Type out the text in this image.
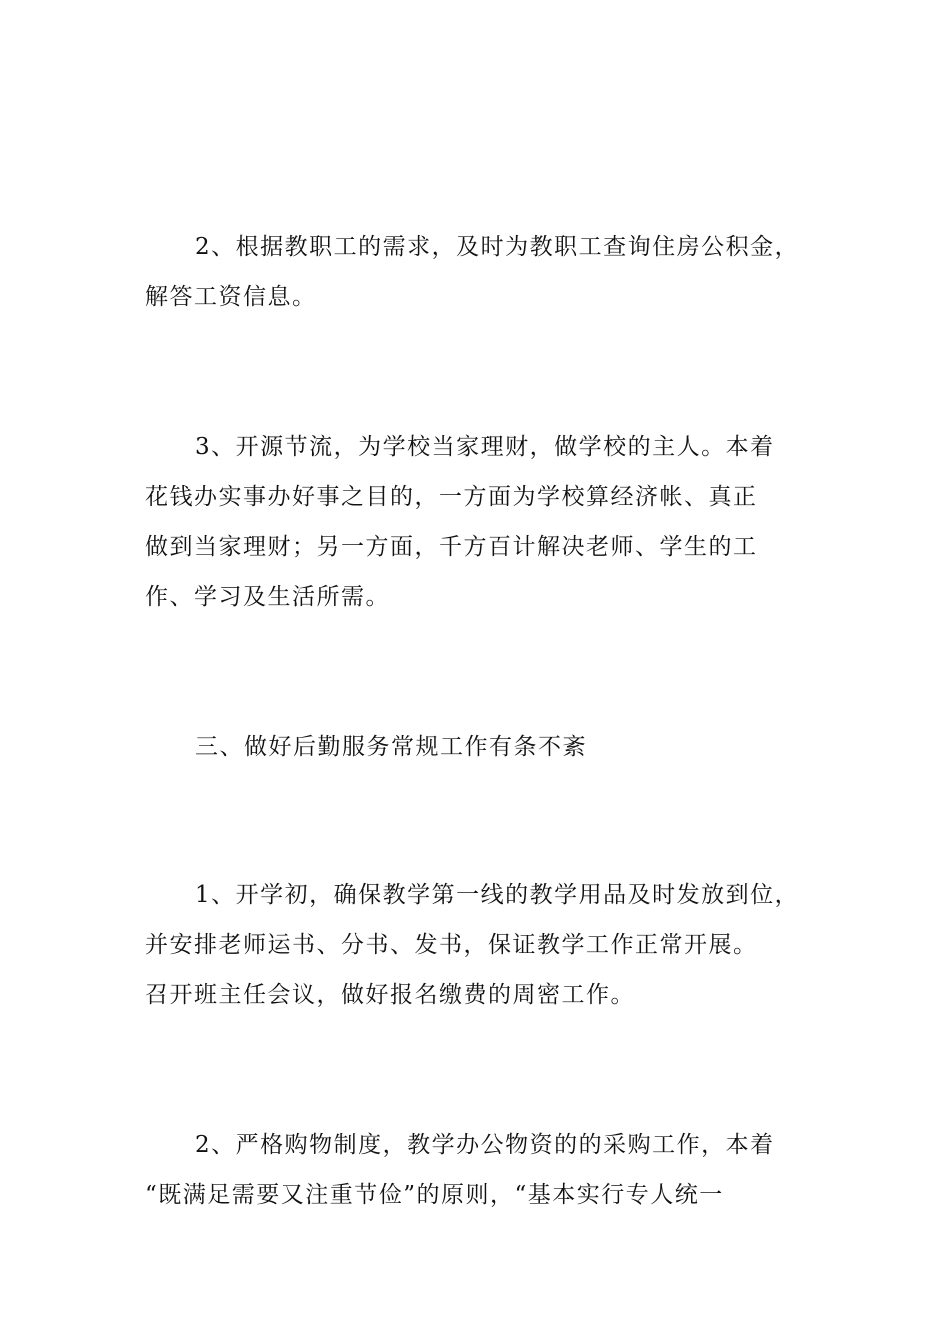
2、根据教职工的需求，及时为教职工查询住房公积金，
解答工资信息。
3、开源节流，为学校当家理财，做学校的主人。本着
花钱办实事办好事之目的，一方面为学校算经济帐、真正
做到当家理财；另一方面，千方百计解决老师、学生的工
作、学习及生活所需。
三、做好后勤服务常规工作有条不紊
1、开学初，确保教学第一线的教学用品及时发放到位，
并安排老师运书、分书、发书，保证教学工作正常开展。
召开班主任会议，做好报名缴费的周密工作。
2、严格购物制度，教学办公物资的的采购工作，本着
“既满足需要又注重节俭”的原则，“基本实行专人统一
